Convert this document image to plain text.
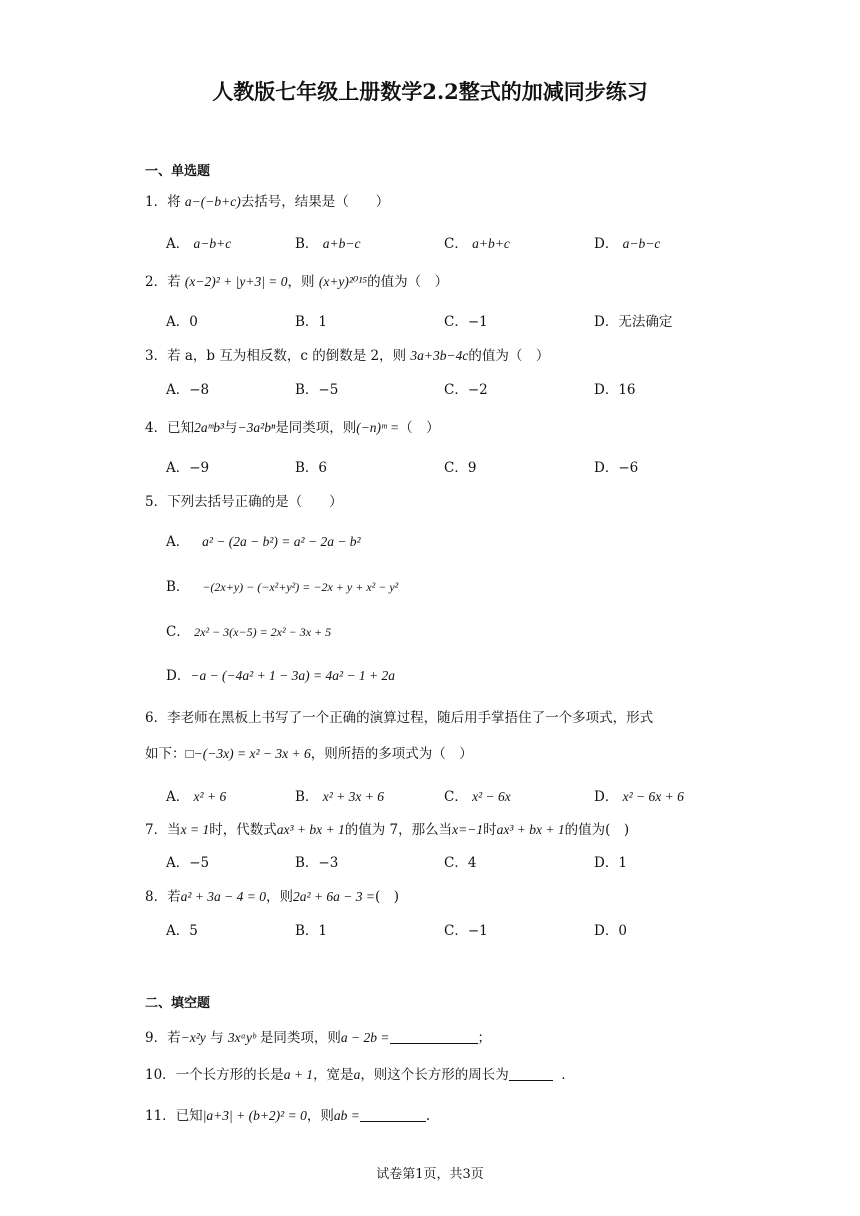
人教版七年级上册数学2.2整式的加减同步练习
一、单选题
1．将 a−(−b+c)去括号，结果是（　　）
A． a−b+c	B． a+b−c	C． a+b+c	D． a−b−c
2．若 (x−2)² + |y+3| = 0，则 (x+y)²⁰¹⁵的值为（　）
A．0	B．1	C．−1	D．无法确定
3．若 a，b 互为相反数，c 的倒数是 2，则 3a+3b−4c的值为（　）
A．−8	B．−5	C．−2	D．16
4．已知2aᵐb³与−3a²bⁿ是同类项，则(−n)ᵐ =（　）
A．−9	B．6	C．9	D．−6
5．下列去括号正确的是（　　）
A． a² − (2a − b²) = a² − 2a − b²
B． −(2x+y) − (−x²+y²) = −2x + y + x² − y²
C． 2x² − 3(x−5) = 2x² − 3x + 5
D．−a − (−4a² + 1 − 3a) = 4a² − 1 + 2a
6．李老师在黑板上书写了一个正确的演算过程，随后用手掌捂住了一个多项式，形式
如下：□−(−3x) = x² − 3x + 6，则所捂的多项式为（　）
A． x² + 6	B． x² + 3x + 6	C． x² − 6x	D． x² − 6x + 6
7．当x = 1时，代数式ax³ + bx + 1的值为 7，那么当x=−1时ax³ + bx + 1的值为(　)
A．−5	B．−3	C．4	D．1
8．若a² + 3a − 4 = 0，则2a² + 6a − 3 =(　)
A．5	B．1	C．−1	D．0
二、填空题
9．若−x²y 与 3xᵃyᵇ 是同类项，则a − 2b =	；
10．一个长方形的长是a + 1，宽是a，则这个长方形的周长为	．
11．已知|a+3| + (b+2)² = 0，则ab =	.
试卷第1页，共3页
